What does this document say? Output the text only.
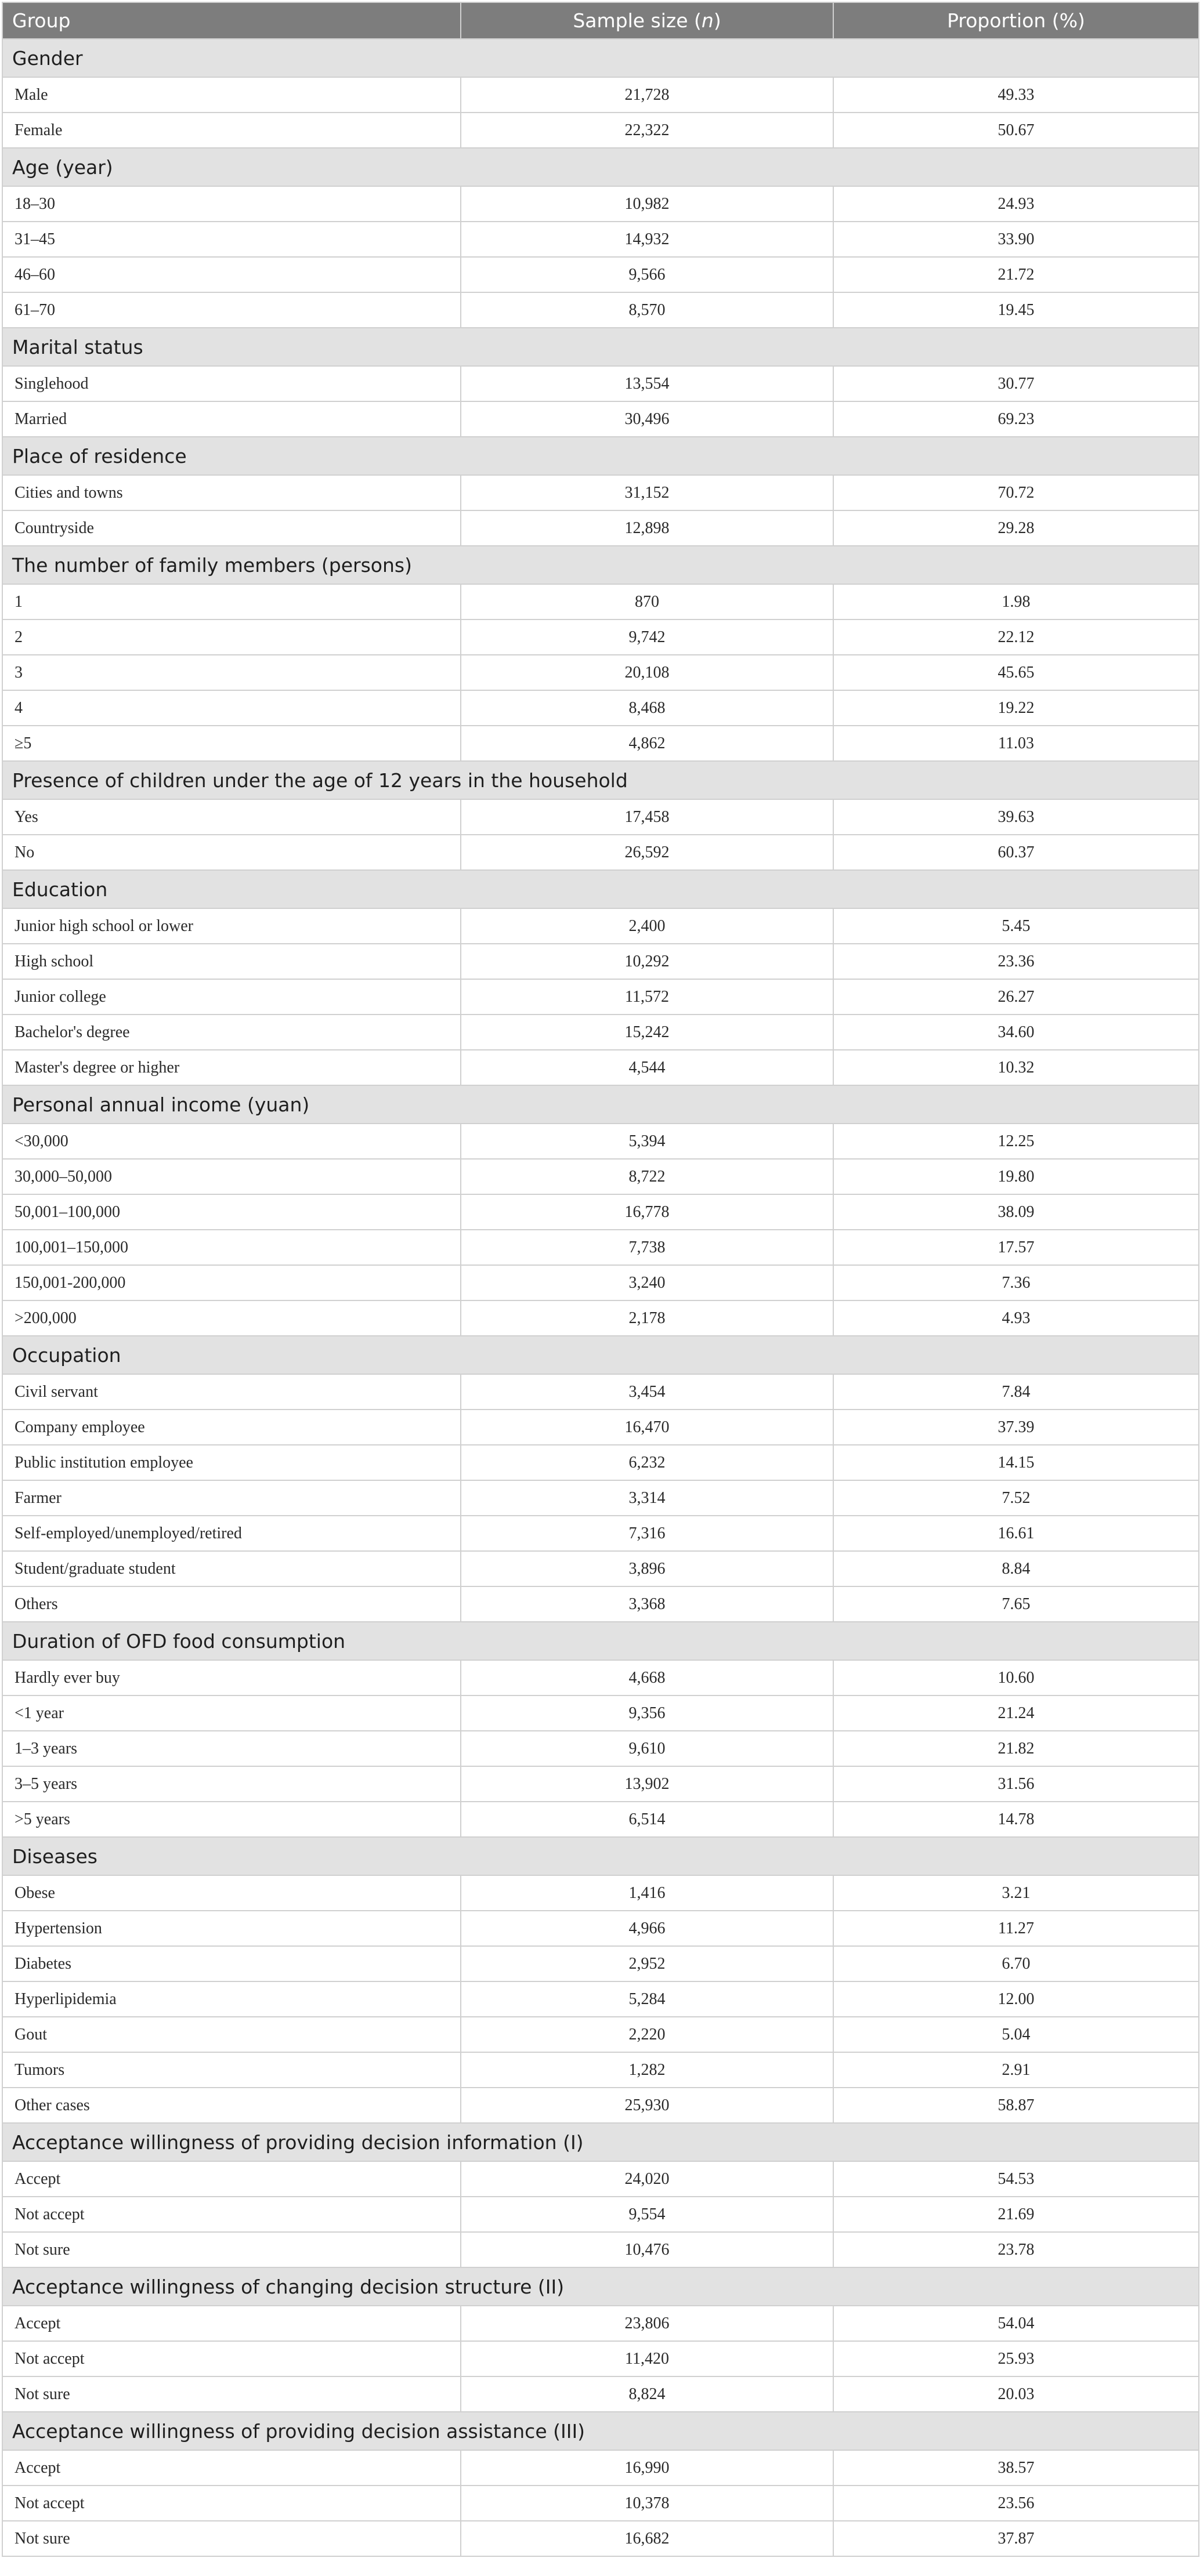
Group	Sample size (n)	Proportion (%)
Gender		
Male	21,728	49.33
Female	22,322	50.67
Age (year)		
18–30	10,982	24.93
31–45	14,932	33.90
46–60	9,566	21.72
61–70	8,570	19.45
Marital status		
Singlehood	13,554	30.77
Married	30,496	69.23
Place of residence		
Cities and towns	31,152	70.72
Countryside	12,898	29.28
The number of family members (persons)		
1	870	1.98
2	9,742	22.12
3	20,108	45.65
4	8,468	19.22
≥5	4,862	11.03
Presence of children under the age of 12 years in the household		
Yes	17,458	39.63
No	26,592	60.37
Education		
Junior high school or lower	2,400	5.45
High school	10,292	23.36
Junior college	11,572	26.27
Bachelor's degree	15,242	34.60
Master's degree or higher	4,544	10.32
Personal annual income (yuan)		
<30,000	5,394	12.25
30,000–50,000	8,722	19.80
50,001–100,000	16,778	38.09
100,001–150,000	7,738	17.57
150,001-200,000	3,240	7.36
>200,000	2,178	4.93
Occupation		
Civil servant	3,454	7.84
Company employee	16,470	37.39
Public institution employee	6,232	14.15
Farmer	3,314	7.52
Self-employed/unemployed/retired	7,316	16.61
Student/graduate student	3,896	8.84
Others	3,368	7.65
Duration of OFD food consumption		
Hardly ever buy	4,668	10.60
<1 year	9,356	21.24
1–3 years	9,610	21.82
3–5 years	13,902	31.56
>5 years	6,514	14.78
Diseases		
Obese	1,416	3.21
Hypertension	4,966	11.27
Diabetes	2,952	6.70
Hyperlipidemia	5,284	12.00
Gout	2,220	5.04
Tumors	1,282	2.91
Other cases	25,930	58.87
Acceptance willingness of providing decision information (I)		
Accept	24,020	54.53
Not accept	9,554	21.69
Not sure	10,476	23.78
Acceptance willingness of changing decision structure (II)		
Accept	23,806	54.04
Not accept	11,420	25.93
Not sure	8,824	20.03
Acceptance willingness of providing decision assistance (III)		
Accept	16,990	38.57
Not accept	10,378	23.56
Not sure	16,682	37.87
